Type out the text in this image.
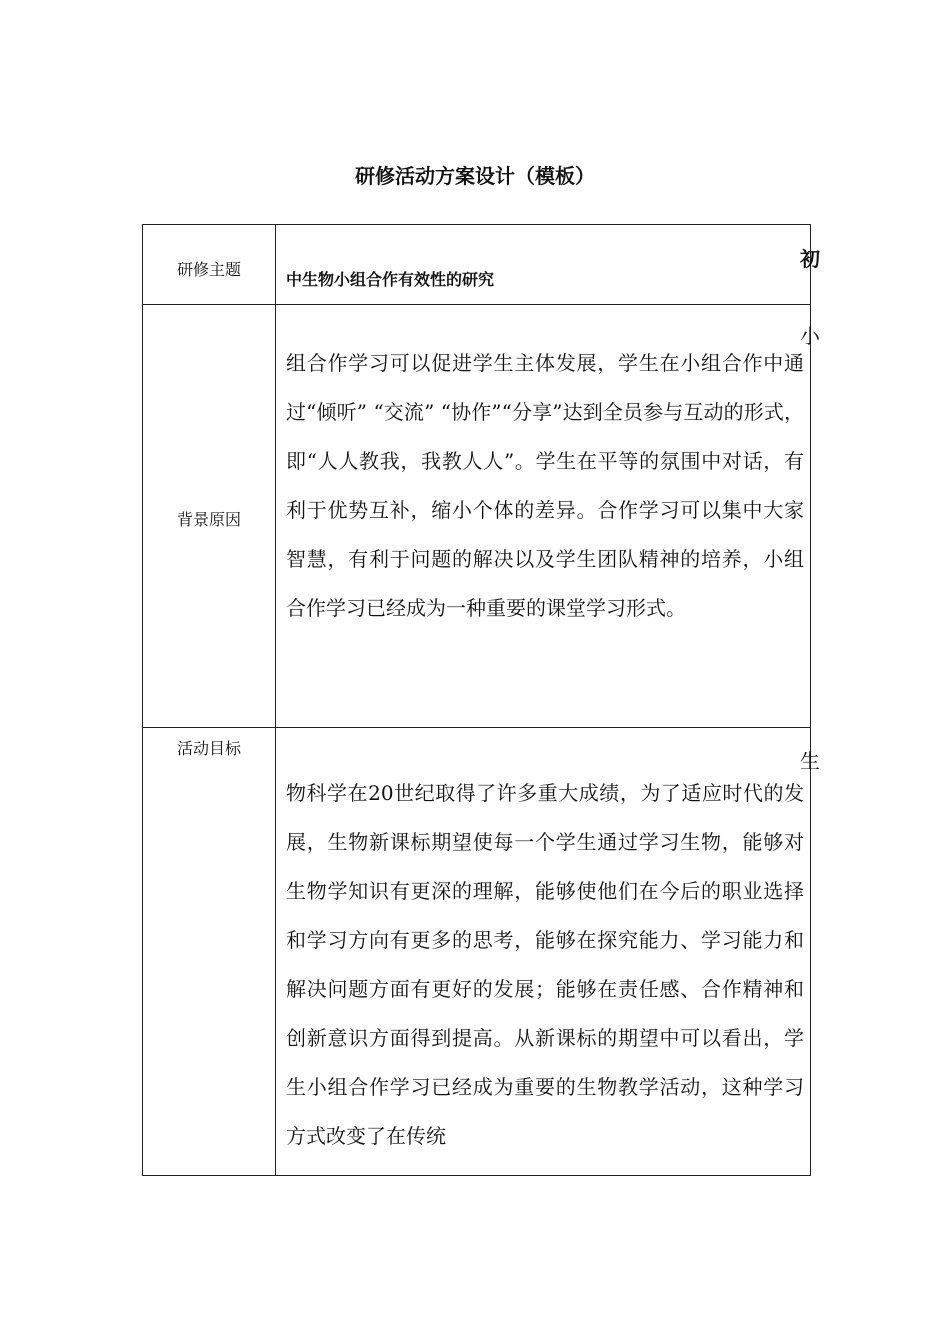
研修活动方案设计（模板）
研修主题	中生物小组合作有效性的研究

背景原因	组合作学习可以促进学生主体发展，学生在小组合作中通过“倾听” “交流” “协作”“分享”达到全员参与互动的形式，即“人人教我，我教人人”。学生在平等的氛围中对话，有利于优势互补，缩小个体的差异。合作学习可以集中大家智慧，有利于问题的解决以及学生团队精神的培养，小组合作学习已经成为一种重要的课堂学习形式。

活动目标	物科学在20世纪取得了许多重大成绩，为了适应时代的发展，生物新课标期望使每一个学生通过学习生物，能够对生物学知识有更深的理解，能够使他们在今后的职业选择和学习方向有更多的思考，能够在探究能力、学习能力和解决问题方面有更好的发展；能够在责任感、合作精神和创新意识方面得到提高。从新课标的期望中可以看出，学生小组合作学习已经成为重要的生物教学活动，这种学习方式改变了在传统
初
小
生
